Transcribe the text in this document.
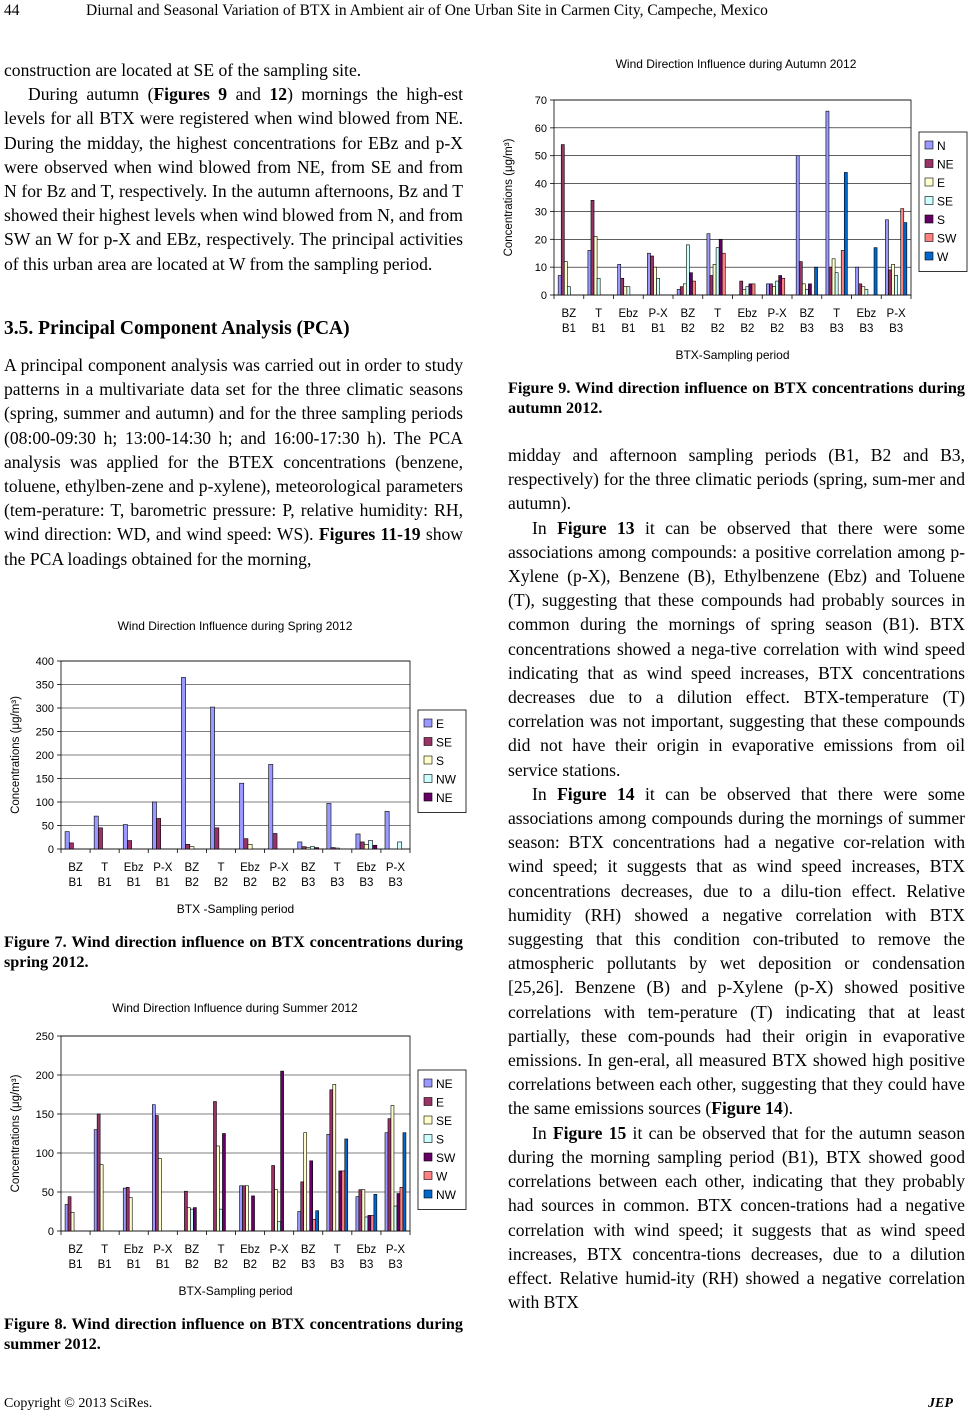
44	Diurnal and Seasonal Variation of BTX in Ambient air of One Urban Site in Carmen City, Campeche, Mexico

construction are located at SE of the sampling site.

During autumn (Figures 9 and 12) mornings the high-est levels for all BTX were registered when wind blowed from NE. During the midday, the highest concentrations for EBz and p-X were observed when wind blowed from NE, from SE and from N for Bz and T, respectively. In the autumn afternoons, Bz and T showed their highest levels when wind blowed from N, and from SW an W for p-X and EBz, respectively. The principal activities of this urban area are located at W from the sampling period.

3.5. Principal Component Analysis (PCA)

A principal component analysis was carried out in order to study patterns in a multivariate data set for the three climatic seasons (spring, summer and autumn) and for the three sampling periods (08:00-09:30 h; 13:00-14:30 h; and 16:00-17:30 h). The PCA analysis was applied for the BTEX concentrations (benzene, toluene, ethylben-zene and p-xylene), meteorological parameters (tem-perature: T, barometric pressure: P, relative humidity: RH, wind direction: WD, and wind speed: WS). Figures 11-19 show the PCA loadings obtained for the morning,

Wind Direction Influence during Spring 2012
0
50
100
150
200
250
300
350
400
Concentrations (μg/m³)
BZ
B1
T
B1
Ebz
B1
P-X
B1
BZ
B2
T
B2
Ebz
B2
P-X
B2
BZ
B3
T
B3
Ebz
B3
P-X
B3
BTX -Sampling period
E
SE
S
NW
NE
Figure 7. Wind direction influence on BTX concentrations during spring 2012.
Wind Direction Influence during Summer 2012
0
50
100
150
200
250
Concentrations (μg/m³)
BZ
B1
T
B1
Ebz
B1
P-X
B1
BZ
B2
T
B2
Ebz
B2
P-X
B2
BZ
B3
T
B3
Ebz
B3
P-X
B3
BTX-Sampling period
NE
E
SE
S
SW
W
NW
Figure 8. Wind direction influence on BTX concentrations during summer 2012.
Wind Direction Influence during Autumn 2012
0
10
20
30
40
50
60
70
Concentrations (μg/m³)
BZ
B1
T
B1
Ebz
B1
P-X
B1
BZ
B2
T
B2
Ebz
B2
P-X
B2
BZ
B3
T
B3
Ebz
B3
P-X
B3
BTX-Sampling period
N
NE
E
SE
S
SW
W
Figure 9. Wind direction influence on BTX concentrations during autumn 2012.

midday and afternoon sampling periods (B1, B2 and B3, respectively) for the three climatic periods (spring, sum-mer and autumn).

In Figure 13 it can be observed that there were some associations among compounds: a positive correlation among p-Xylene (p-X), Benzene (B), Ethylbenzene (Ebz) and Toluene (T), suggesting that these compounds had probably sources in common during the mornings of spring season (B1). BTX concentrations showed a nega-tive correlation with wind speed indicating that as wind speed increases, BTX concentrations decreases due to a dilution effect. BTX-temperature (T) correlation was not important, suggesting that these compounds did not have their origin in evaporative emissions from oil service stations.

In Figure 14 it can be observed that there were some associations among compounds during the mornings of summer season: BTX concentrations had a negative cor-relation with wind speed; it suggests that as wind speed increases, BTX concentrations decreases, due to a dilu-tion effect. Relative humidity (RH) showed a negative correlation with BTX suggesting that this condition con-tributed to remove the atmospheric pollutants by wet deposition or condensation [25,26]. Benzene (B) and p-Xylene (p-X) showed positive correlations with tem-perature (T) indicating that at least partially, these com-pounds had their origin in evaporative emissions. In gen-eral, all measured BTX showed high positive correlations between each other, suggesting that they could have the same emissions sources (Figure 14).

In Figure 15 it can be observed that for the autumn season during the morning sampling period (B1), BTX showed good correlations between each other, indicating that they probably had sources in common. BTX concen-trations had a negative correlation with wind speed; it suggests that as wind speed increases, BTX concentra-tions decreases, due to a dilution effect. Relative humid-ity (RH) showed a negative correlation with BTX

Copyright © 2013 SciRes.	JEP
